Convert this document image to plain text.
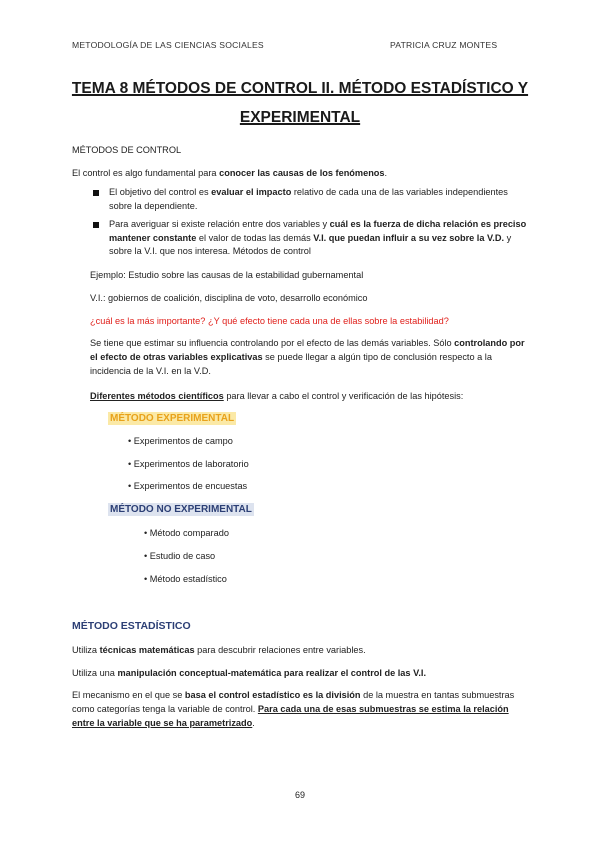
METODOLOGÍA DE LAS CIENCIAS SOCIALES	PATRICIA CRUZ MONTES
TEMA 8 MÉTODOS DE CONTROL II. MÉTODO ESTADÍSTICO Y
EXPERIMENTAL
MÉTODOS DE CONTROL
El control es algo fundamental para conocer las causas de los fenómenos.
El objetivo del control es evaluar el impacto relativo de cada una de las variables independientes sobre la dependiente.
Para averiguar si existe relación entre dos variables y cuál es la fuerza de dicha relación es preciso mantener constante el valor de todas las demás V.I. que puedan influir a su vez sobre la V.D. y sobre la V.I. que nos interesa. Métodos de control
Ejemplo: Estudio sobre las causas de la estabilidad gubernamental
V.I.: gobiernos de coalición, disciplina de voto, desarrollo económico
¿cuál es la más importante? ¿Y qué efecto tiene cada una de ellas sobre la estabilidad?
Se tiene que estimar su influencia controlando por el efecto de las demás variables. Sólo controlando por el efecto de otras variables explicativas se puede llegar a algún tipo de conclusión respecto a la incidencia de la V.I. en la V.D.
Diferentes métodos científicos para llevar a cabo el control y verificación de las hipótesis:
MÉTODO EXPERIMENTAL
• Experimentos de campo
• Experimentos de laboratorio
• Experimentos de encuestas
MÉTODO NO EXPERIMENTAL
• Método comparado
• Estudio de caso
• Método estadístico
MÉTODO ESTADÍSTICO
Utiliza técnicas matemáticas para descubrir relaciones entre variables.
Utiliza una manipulación conceptual-matemática para realizar el control de las V.I.
El mecanismo en el que se basa el control estadístico es la división de la muestra en tantas submuestras como categorías tenga la variable de control. Para cada una de esas submuestras se estima la relación entre la variable que se ha parametrizado.
69
